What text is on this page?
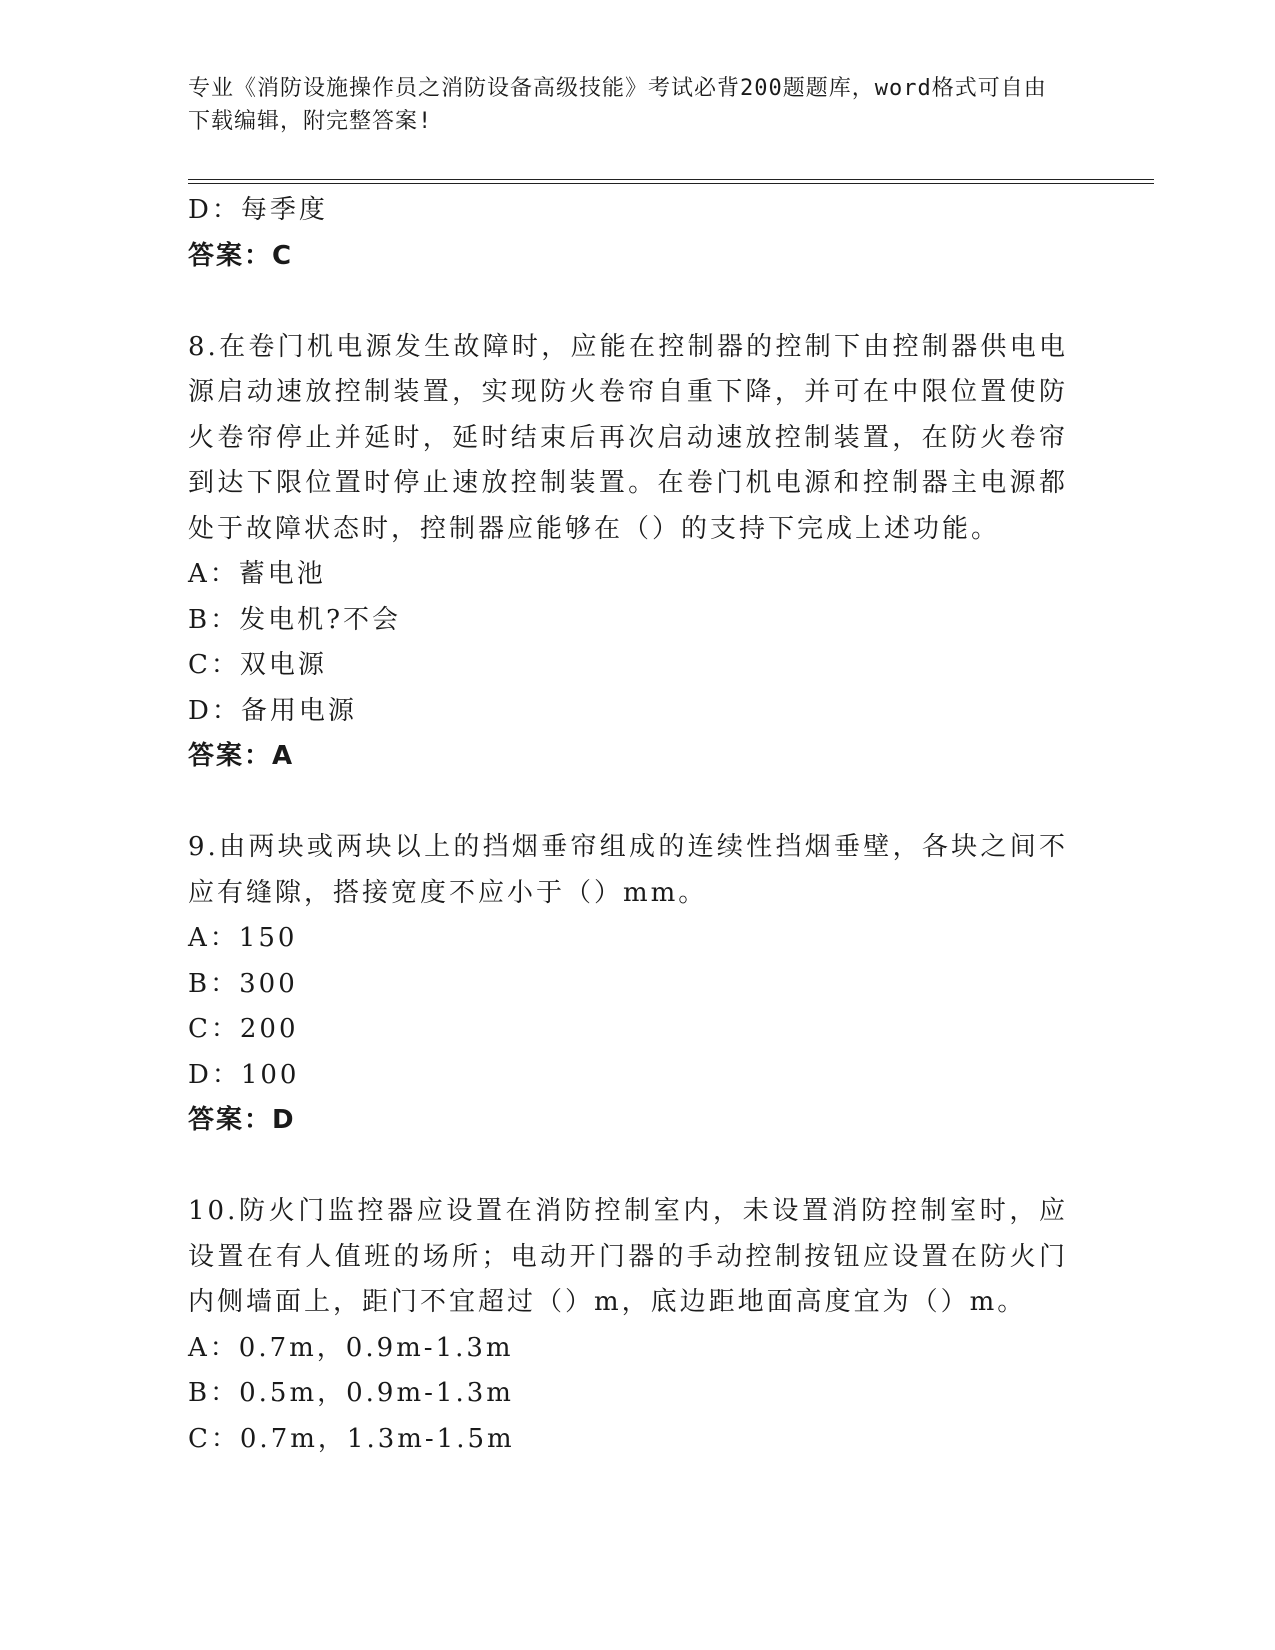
专业《消防设施操作员之消防设备高级技能》考试必背200题题库，word格式可自由下载编辑，附完整答案!
D：每季度
答案：C
8.在卷门机电源发生故障时，应能在控制器的控制下由控制器供电电源启动速放控制装置，实现防火卷帘自重下降，并可在中限位置使防火卷帘停止并延时，延时结束后再次启动速放控制装置，在防火卷帘到达下限位置时停止速放控制装置。在卷门机电源和控制器主电源都处于故障状态时，控制器应能够在（）的支持下完成上述功能。
A：蓄电池
B：发电机?不会
C：双电源
D：备用电源
答案：A
9.由两块或两块以上的挡烟垂帘组成的连续性挡烟垂壁，各块之间不应有缝隙，搭接宽度不应小于（）mm。
A：150
B：300
C：200
D：100
答案：D
10.防火门监控器应设置在消防控制室内，未设置消防控制室时，应设置在有人值班的场所；电动开门器的手动控制按钮应设置在防火门内侧墙面上，距门不宜超过（）m，底边距地面高度宜为（）m。
A：0.7m，0.9m-1.3m
B：0.5m，0.9m-1.3m
C：0.7m，1.3m-1.5m
